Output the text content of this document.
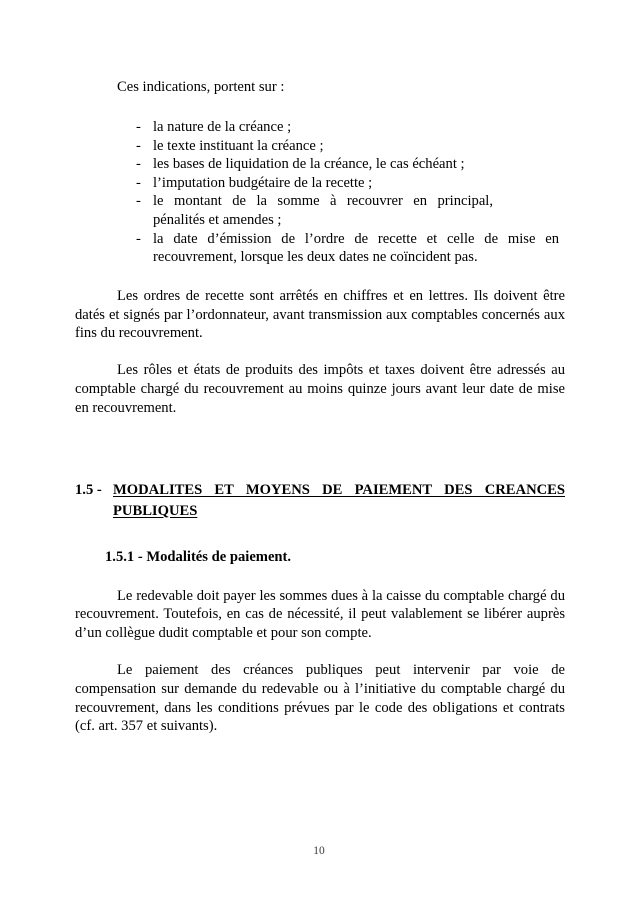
Ces indications, portent sur :

- la nature de la créance ;
- le texte instituant la créance ;
- les bases de liquidation de la créance, le cas échéant ;
- l’imputation budgétaire de la recette ;
- le montant de la somme à recouvrer en principal, pénalités et amendes ;
- la date d’émission de l’ordre de recette et celle de mise en recouvrement, lorsque les deux dates ne coïncident pas.

Les ordres de recette sont arrêtés en chiffres et en lettres. Ils doivent être datés et signés par l’ordonnateur, avant transmission aux comptables concernés aux fins du recouvrement.

Les rôles et états de produits des impôts et taxes doivent être adressés au comptable chargé du recouvrement au moins quinze jours avant leur date de mise en recouvrement.

1.5 - MODALITES ET MOYENS DE PAIEMENT DES CREANCES
PUBLIQUES

1.5.1 - Modalités de paiement.

Le redevable doit payer les sommes dues à la caisse du comptable chargé du recouvrement. Toutefois, en cas de nécessité, il peut valablement se libérer auprès d’un collègue dudit comptable et pour son compte.

Le paiement des créances publiques peut intervenir par voie de compensation sur demande du redevable ou à l’initiative du comptable chargé du recouvrement, dans les conditions prévues par le code des obligations et contrats (cf. art. 357 et suivants).

10
